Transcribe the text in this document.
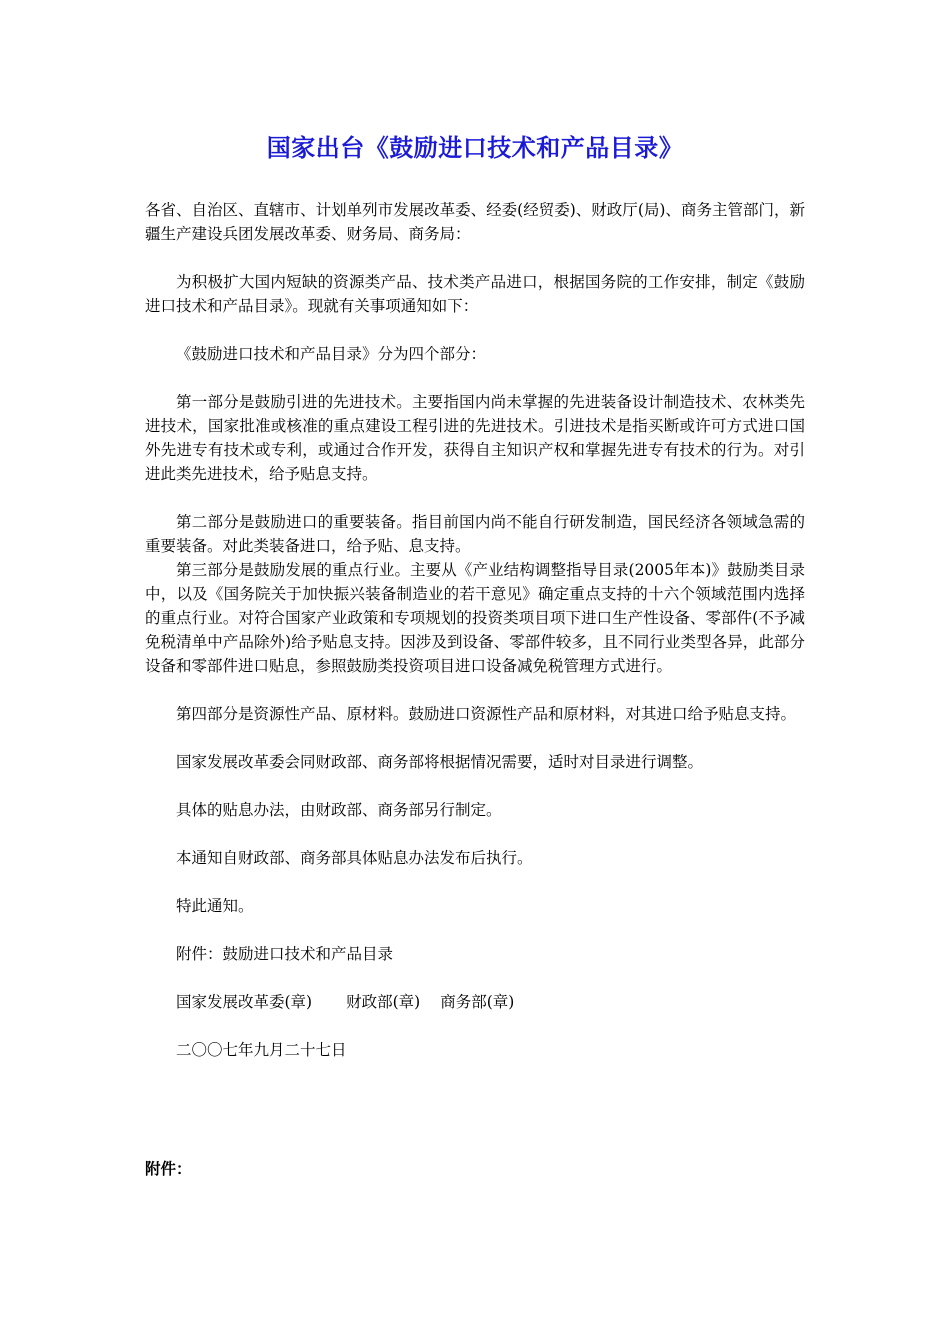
国家出台《鼓励进口技术和产品目录》

各省、自治区、直辖市、计划单列市发展改革委、经委(经贸委)、财政厅(局)、商务主管部门，新疆生产建设兵团发展改革委、财务局、商务局：

为积极扩大国内短缺的资源类产品、技术类产品进口，根据国务院的工作安排，制定《鼓励进口技术和产品目录》。现就有关事项通知如下：

《鼓励进口技术和产品目录》分为四个部分：

第一部分是鼓励引进的先进技术。主要指国内尚未掌握的先进装备设计制造技术、农林类先进技术，国家批准或核准的重点建设工程引进的先进技术。引进技术是指买断或许可方式进口国外先进专有技术或专利，或通过合作开发，获得自主知识产权和掌握先进专有技术的行为。对引进此类先进技术，给予贴息支持。

第二部分是鼓励进口的重要装备。指目前国内尚不能自行研发制造，国民经济各领域急需的重要装备。对此类装备进口，给予贴、息支持。

第三部分是鼓励发展的重点行业。主要从《产业结构调整指导目录(2005年本)》鼓励类目录中，以及《国务院关于加快振兴装备制造业的若干意见》确定重点支持的十六个领域范围内选择的重点行业。对符合国家产业政策和专项规划的投资类项目项下进口生产性设备、零部件(不予减免税清单中产品除外)给予贴息支持。因涉及到设备、零部件较多，且不同行业类型各异，此部分设备和零部件进口贴息，参照鼓励类投资项目进口设备减免税管理方式进行。

第四部分是资源性产品、原材料。鼓励进口资源性产品和原材料，对其进口给予贴息支持。

国家发展改革委会同财政部、商务部将根据情况需要，适时对目录进行调整。

具体的贴息办法，由财政部、商务部另行制定。

本通知自财政部、商务部具体贴息办法发布后执行。

特此通知。

附件：鼓励进口技术和产品目录

国家发展改革委(章) 财政部(章) 商务部(章)

二〇〇七年九月二十七日

附件：
